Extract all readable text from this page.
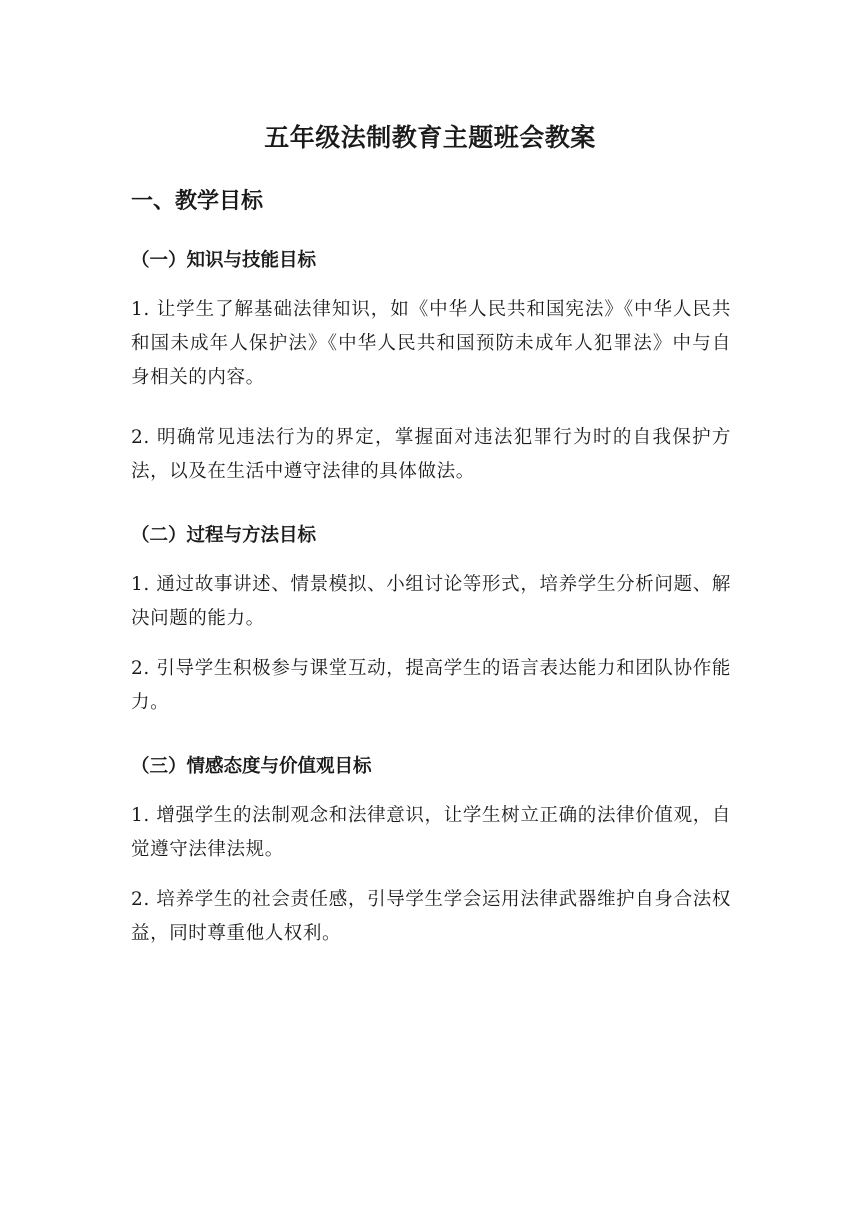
五年级法制教育主题班会教案
一、教学目标
（一）知识与技能目标

1. 让学生了解基础法律知识，如《中华人民共和国宪法》《中华人民共和国未成年人保护法》《中华人民共和国预防未成年人犯罪法》中与自身相关的内容。

2. 明确常见违法行为的界定，掌握面对违法犯罪行为时的自我保护方法，以及在生活中遵守法律的具体做法。

（二）过程与方法目标

1. 通过故事讲述、情景模拟、小组讨论等形式，培养学生分析问题、解决问题的能力。

2. 引导学生积极参与课堂互动，提高学生的语言表达能力和团队协作能力。

（三）情感态度与价值观目标

1. 增强学生的法制观念和法律意识，让学生树立正确的法律价值观，自觉遵守法律法规。

2. 培养学生的社会责任感，引导学生学会运用法律武器维护自身合法权益，同时尊重他人权利。
